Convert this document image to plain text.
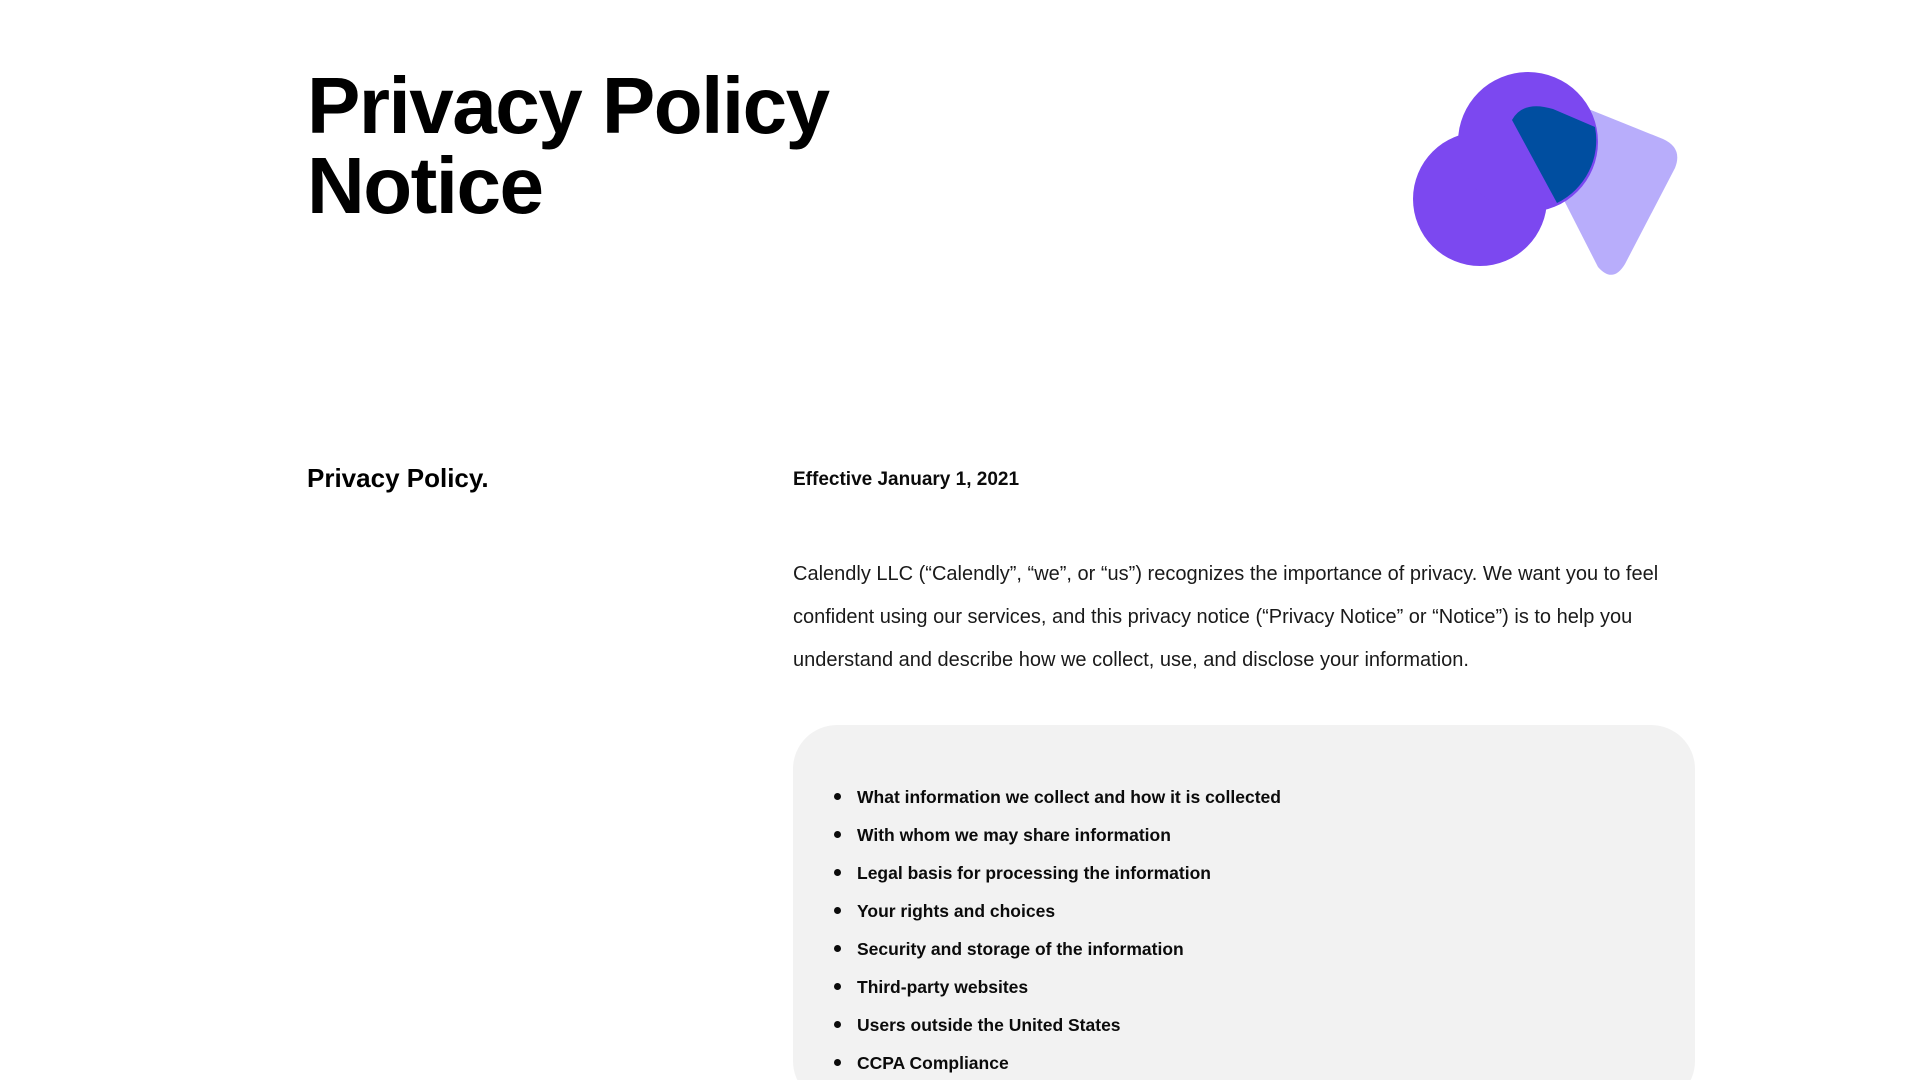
Privacy Policy
Notice
Privacy Policy.	Effective January 1, 2021

Calendly LLC (“Calendly”, “we”, or “us”) recognizes the importance of privacy. We want you to feel confident using our services, and this privacy notice (“Privacy Notice” or “Notice”) is to help you understand and describe how we collect, use, and disclose your information.

What information we collect and how it is collected
With whom we may share information
Legal basis for processing the information
Your rights and choices
Security and storage of the information
Third-party websites
Users outside the United States
CCPA Compliance
